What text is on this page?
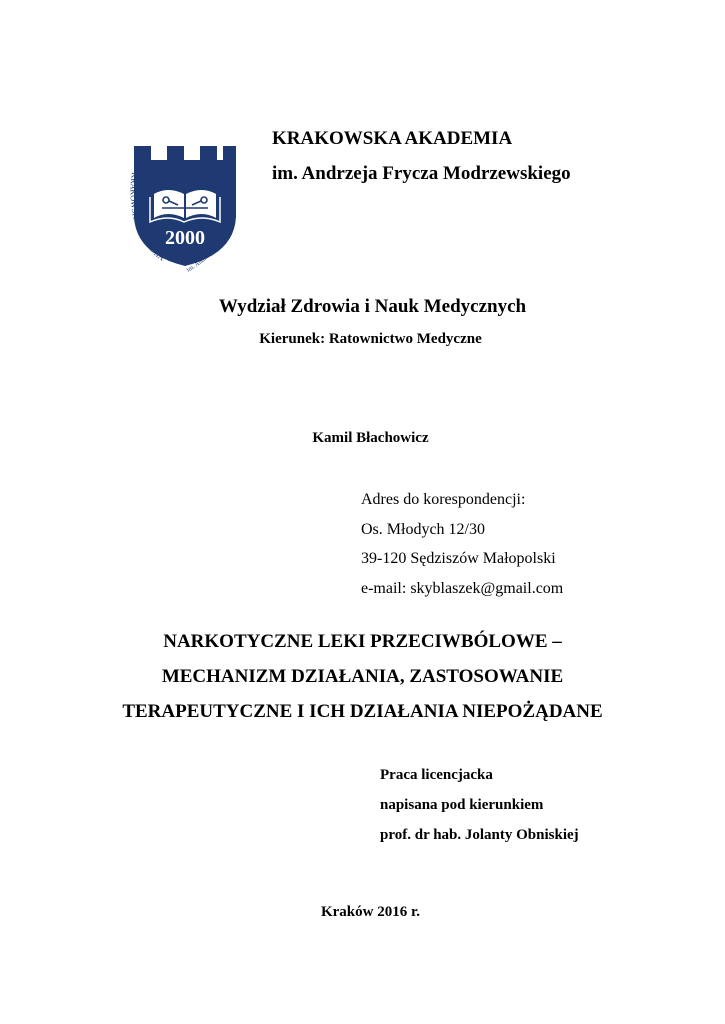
2000
KRAKOWSKA AKADEMIA
im. Andrzeja Frycza Modrzewskiego
KRAKOWSKA AKADEMIA
im. Andrzeja Frycza Modrzewskiego
Wydział Zdrowia i Nauk Medycznych
Kierunek: Ratownictwo Medyczne
Kamil Błachowicz
Adres do korespondencji:
Os. Młodych 12/30
39-120 Sędziszów Małopolski
e-mail: skyblaszek@gmail.com
NARKOTYCZNE LEKI PRZECIWBÓLOWE –
MECHANIZM DZIAŁANIA, ZASTOSOWANIE
TERAPEUTYCZNE I ICH DZIAŁANIA NIEPOŻĄDANE
Praca licencjacka
napisana pod kierunkiem
prof. dr hab. Jolanty Obniskiej
Kraków 2016 r.
